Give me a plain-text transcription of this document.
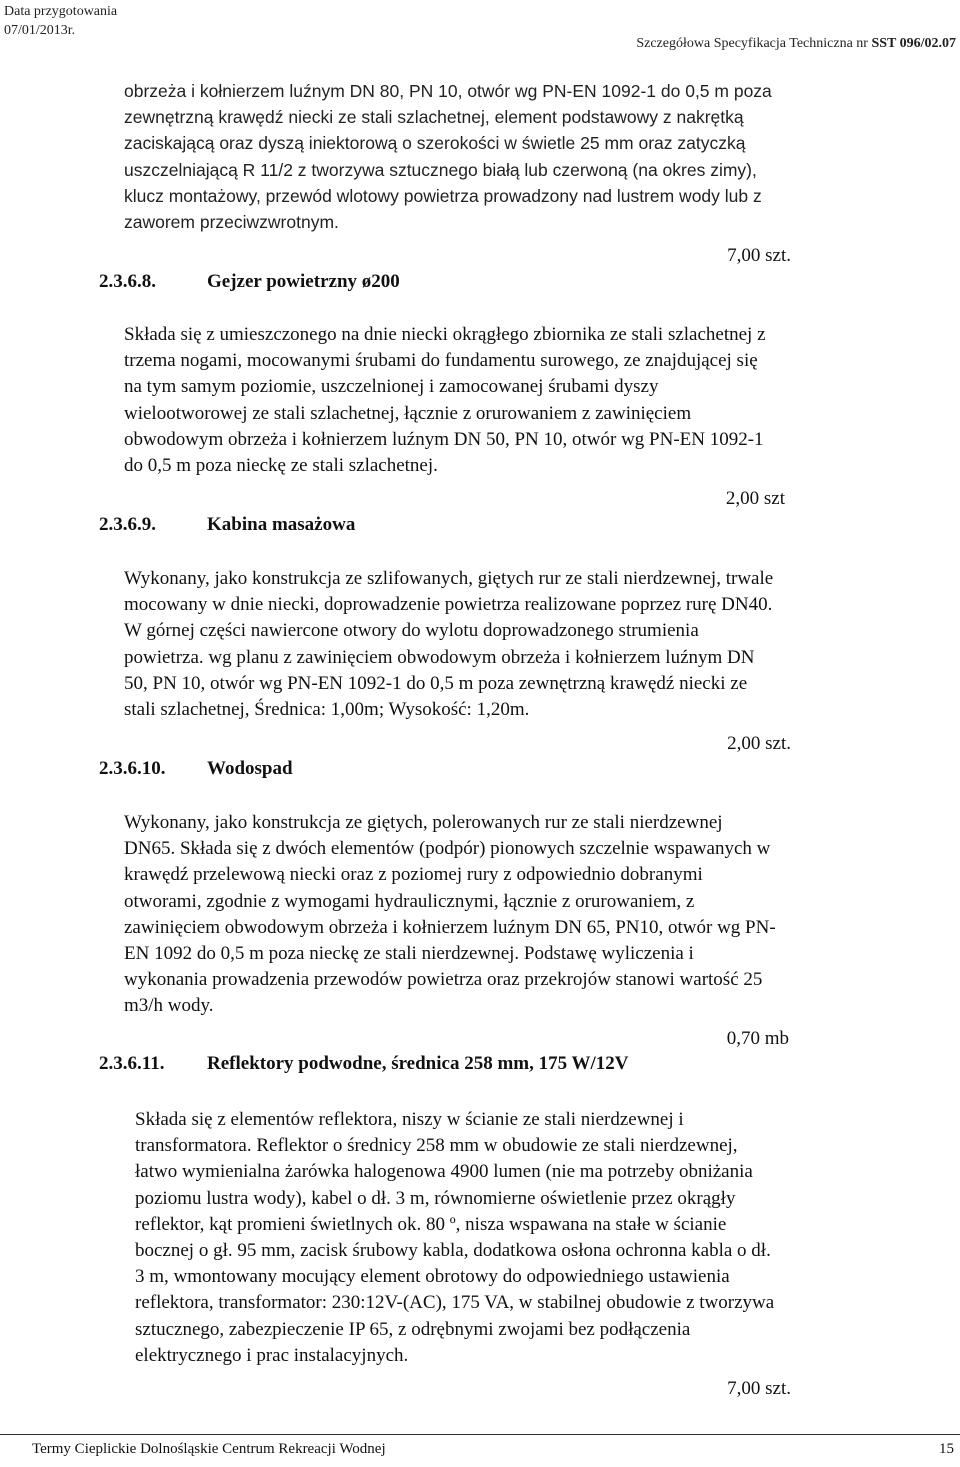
Data przygotowania
07/01/2013r.
Szczegółowa Specyfikacja Techniczna nr SST 096/02.07
obrzeża i kołnierzem luźnym DN 80, PN 10, otwór wg PN-EN 1092-1 do 0,5 m poza
zewnętrzną krawędź niecki ze stali szlachetnej, element podstawowy z nakrętką
zaciskającą oraz dyszą iniektorową o szerokości w świetle 25 mm oraz zatyczką
uszczelniającą R 11/2 z tworzywa sztucznego białą lub czerwoną (na okres zimy),
klucz montażowy, przewód wlotowy powietrza prowadzony nad lustrem wody lub z
zaworem przeciwzwrotnym.
7,00 szt.
2.3.6.8.	Gejzer powietrzny ø200
Składa się z umieszczonego na dnie niecki okrągłego zbiornika ze stali szlachetnej z
trzema nogami, mocowanymi śrubami do fundamentu surowego, ze znajdującej się
na tym samym poziomie, uszczelnionej i zamocowanej śrubami dyszy
wielootworowej ze stali szlachetnej, łącznie z orurowaniem z zawinięciem
obwodowym obrzeża i kołnierzem luźnym DN 50, PN 10, otwór wg PN-EN 1092-1
do 0,5 m poza nieckę ze stali szlachetnej.
2,00 szt
2.3.6.9.	Kabina masażowa
Wykonany, jako konstrukcja ze szlifowanych, giętych rur ze stali nierdzewnej, trwale
mocowany w dnie niecki, doprowadzenie powietrza realizowane poprzez rurę DN40.
W górnej części nawiercone otwory do wylotu doprowadzonego strumienia
powietrza. wg planu z zawinięciem obwodowym obrzeża i kołnierzem luźnym DN
50, PN 10, otwór wg PN-EN 1092-1 do 0,5 m poza zewnętrzną krawędź niecki ze
stali szlachetnej, Średnica: 1,00m; Wysokość: 1,20m.
2,00 szt.
2.3.6.10. Wodospad
Wykonany, jako konstrukcja ze giętych, polerowanych rur ze stali nierdzewnej
DN65. Składa się z dwóch elementów (podpór) pionowych szczelnie wspawanych w
krawędź przelewową niecki oraz z poziomej rury z odpowiednio dobranymi
otworami, zgodnie z wymogami hydraulicznymi, łącznie z orurowaniem, z
zawinięciem obwodowym obrzeża i kołnierzem luźnym DN 65, PN10, otwór wg PN-
EN 1092 do 0,5 m poza nieckę ze stali nierdzewnej. Podstawę wyliczenia i
wykonania prowadzenia przewodów powietrza oraz przekrojów stanowi wartość 25
m3/h wody.
0,70 mb
2.3.6.11. Reflektory podwodne, średnica 258 mm, 175 W/12V
Składa się z elementów reflektora, niszy w ścianie ze stali nierdzewnej i
transformatora. Reflektor o średnicy 258 mm w obudowie ze stali nierdzewnej,
łatwo wymienialna żarówka halogenowa 4900 lumen (nie ma potrzeby obniżania
poziomu lustra wody), kabel o dł. 3 m, równomierne oświetlenie przez okrągły
reflektor, kąt promieni świetlnych ok. 80 º, nisza wspawana na stałe w ścianie
bocznej o gł. 95 mm, zacisk śrubowy kabla, dodatkowa osłona ochronna kabla o dł.
3 m, wmontowany mocujący element obrotowy do odpowiedniego ustawienia
reflektora, transformator: 230:12V-(AC), 175 VA, w stabilnej obudowie z tworzywa
sztucznego, zabezpieczenie IP 65, z odrębnymi zwojami bez podłączenia
elektrycznego i prac instalacyjnych.
7,00 szt.
Termy Cieplickie Dolnośląskie Centrum Rekreacji Wodnej	15
